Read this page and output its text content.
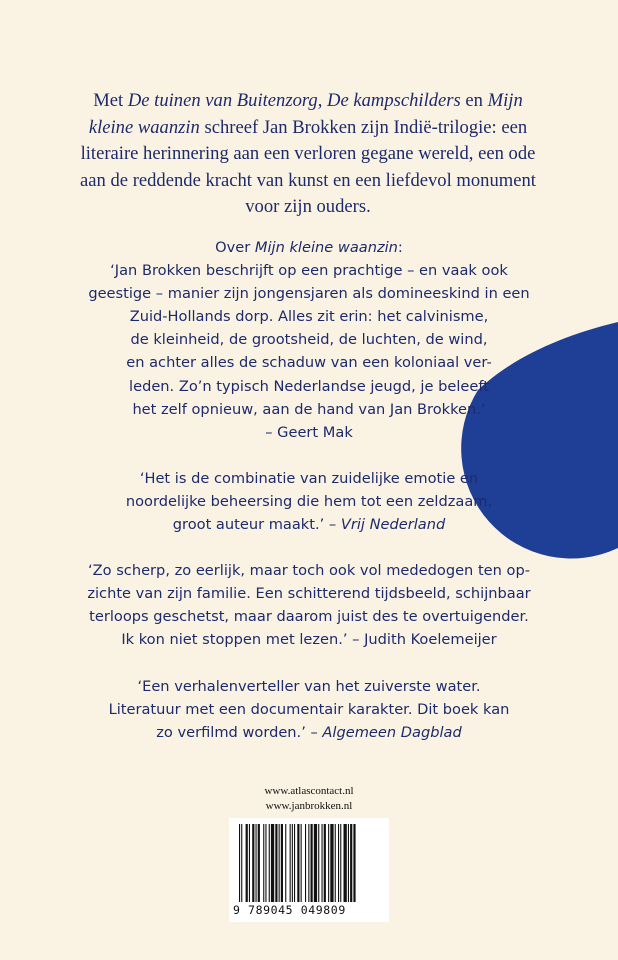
Met De tuinen van Buitenzorg, De kampschilders en Mijn kleine waanzin schreef Jan Brokken zijn Indië-trilogie: een literaire herinnering aan een verloren gegane wereld, een ode aan de reddende kracht van kunst en een liefdevol monument voor zijn ouders.

Over Mijn kleine waanzin:

‘Jan Brokken beschrijft op een prachtige – en vaak ook

geestige – manier zijn jongensjaren als domineeskind in een

Zuid-Hollands dorp. Alles zit erin: het calvinisme,

de kleinheid, de grootsheid, de luchten, de wind,

en achter alles de schaduw van een koloniaal ver-

leden. Zo’n typisch Nederlandse jeugd, je beleeft

het zelf opnieuw, aan de hand van Jan Brokken.’

– Geert Mak

‘Het is de combinatie van zuidelijke emotie en

noordelijke beheersing die hem tot een zeldzaam,

groot auteur maakt.’ – Vrij Nederland

‘Zo scherp, zo eerlijk, maar toch ook vol mededogen ten op-

zichte van zijn familie. Een schitterend tijdsbeeld, schijnbaar

terloops geschetst, maar daarom juist des te overtuigender.

Ik kon niet stoppen met lezen.’ – Judith Koelemeijer

‘Een verhalenverteller van het zuiverste water.

Literatuur met een documentair karakter. Dit boek kan

zo verfilmd worden.’ – Algemeen Dagblad

www.atlascontact.nl
www.janbrokken.nl
9 789045 049809
